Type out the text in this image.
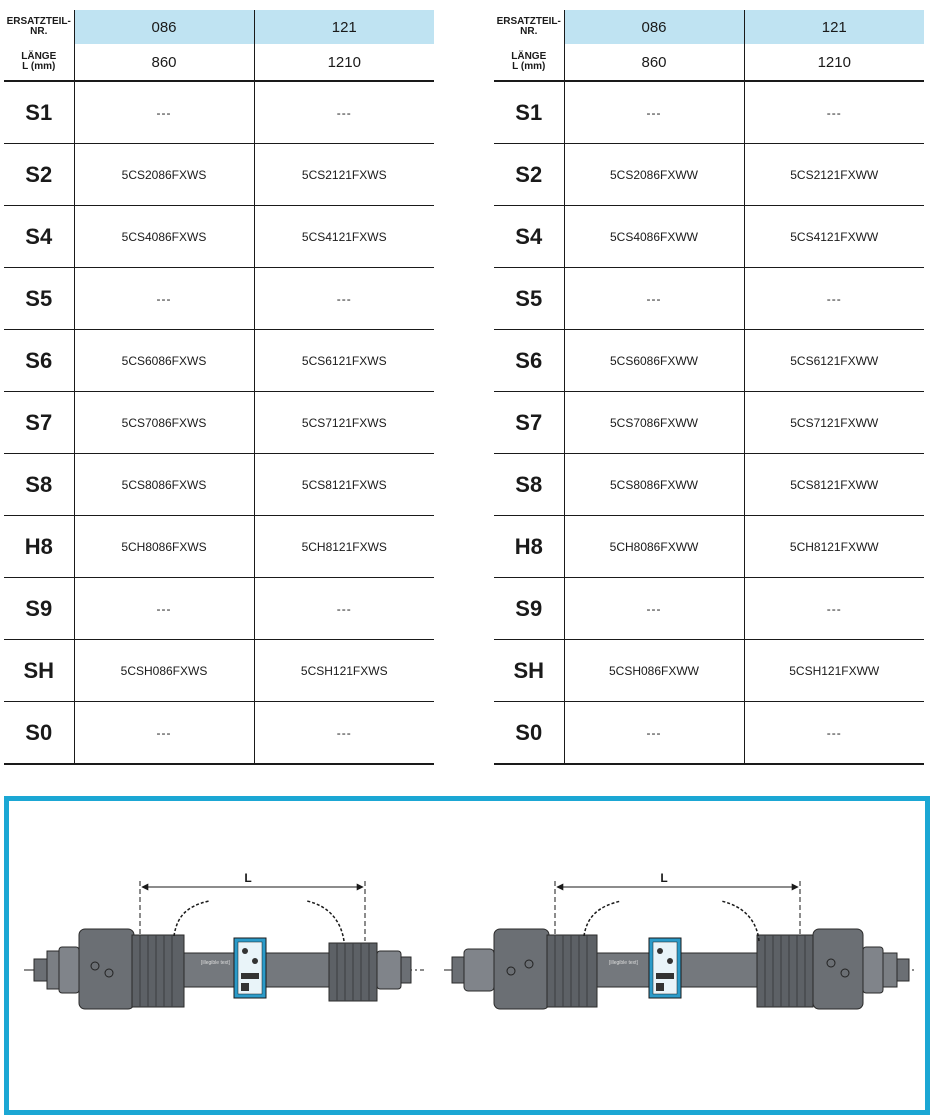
ERSATZTEIL-
NR.	086	121
LÄNGE
L (mm)	860	1210
S1	---	---
S2	5CS2086FXWS	5CS2121FXWS
S4	5CS4086FXWS	5CS4121FXWS
S5	---	---
S6	5CS6086FXWS	5CS6121FXWS
S7	5CS7086FXWS	5CS7121FXWS
S8	5CS8086FXWS	5CS8121FXWS
H8	5CH8086FXWS	5CH8121FXWS
S9	---	---
SH	5CSH086FXWS	5CSH121FXWS
S0	---	---
ERSATZTEIL-
NR.	086	121
LÄNGE
L (mm)	860	1210
S1	---	---
S2	5CS2086FXWW	5CS2121FXWW
S4	5CS4086FXWW	5CS4121FXWW
S5	---	---
S6	5CS6086FXWW	5CS6121FXWW
S7	5CS7086FXWW	5CS7121FXWW
S8	5CS8086FXWW	5CS8121FXWW
H8	5CH8086FXWW	5CH8121FXWW
S9	---	---
SH	5CSH086FXWW	5CSH121FXWW
S0	---	---
L
[illegible text]
L
[illegible text]
